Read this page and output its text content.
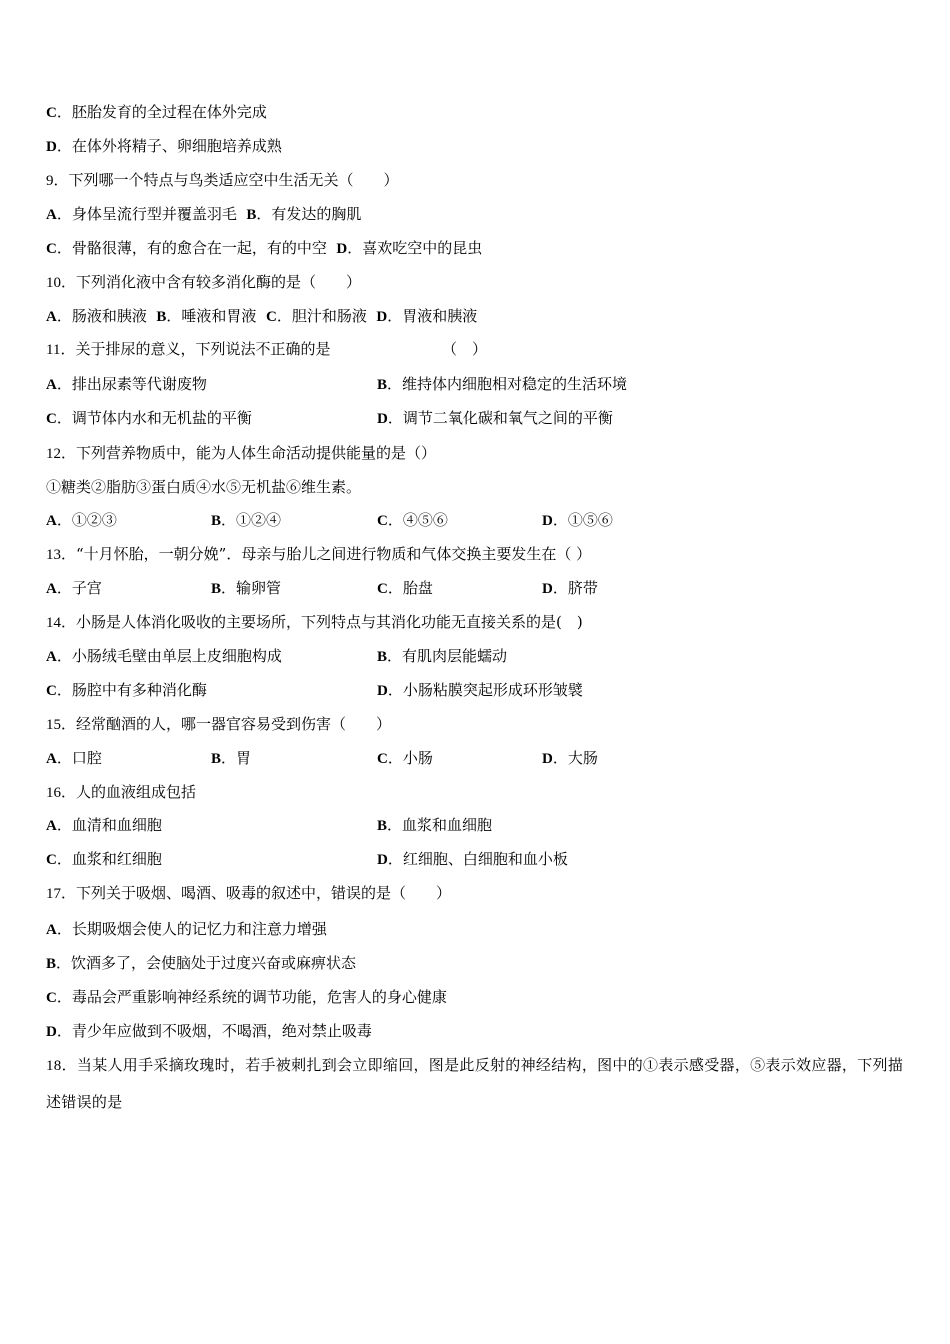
C．胚胎发育的全过程在体外完成
D．在体外将精子、卵细胞培养成熟
9．下列哪一个特点与鸟类适应空中生活无关（　　）
A．身体呈流行型并覆盖羽毛 B．有发达的胸肌
C．骨骼很薄，有的愈合在一起，有的中空 D．喜欢吃空中的昆虫
10．下列消化液中含有较多消化酶的是（　　）
A．肠液和胰液 B．唾液和胃液 C．胆汁和肠液 D．胃液和胰液
11．关于排尿的意义，下列说法不正确的是	（　）
A．排出尿素等代谢废物	B．维持体内细胞相对稳定的生活环境
C．调节体内水和无机盐的平衡	D．调节二氧化碳和氧气之间的平衡
12．下列营养物质中，能为人体生命活动提供能量的是（）
①糖类②脂肪③蛋白质④水⑤无机盐⑥维生素。
A．①②③	B．①②④	C．④⑤⑥	D．①⑤⑥
13．“十月怀胎，一朝分娩”．母亲与胎儿之间进行物质和气体交换主要发生在（ ）
A．子宫	B．输卵管	C．胎盘	D．脐带
14．小肠是人体消化吸收的主要场所，下列特点与其消化功能无直接关系的是(　)
A．小肠绒毛壁由单层上皮细胞构成	B．有肌肉层能蠕动
C．肠腔中有多种消化酶	D．小肠粘膜突起形成环形皱襞
15．经常酗酒的人，哪一器官容易受到伤害（　　）
A．口腔	B．胃	C．小肠	D．大肠
16．人的血液组成包括
A．血清和血细胞	B．血浆和血细胞
C．血浆和红细胞	D．红细胞、白细胞和血小板
17．下列关于吸烟、喝酒、吸毒的叙述中，错误的是（　　）
A．长期吸烟会使人的记忆力和注意力增强
B．饮酒多了，会使脑处于过度兴奋或麻痹状态
C．毒品会严重影响神经系统的调节功能，危害人的身心健康
D．青少年应做到不吸烟，不喝酒，绝对禁止吸毒
18．当某人用手采摘玫瑰时，若手被刺扎到会立即缩回，图是此反射的神经结构，图中的①表示感受器，⑤表示效应器，下列描述错误的是
